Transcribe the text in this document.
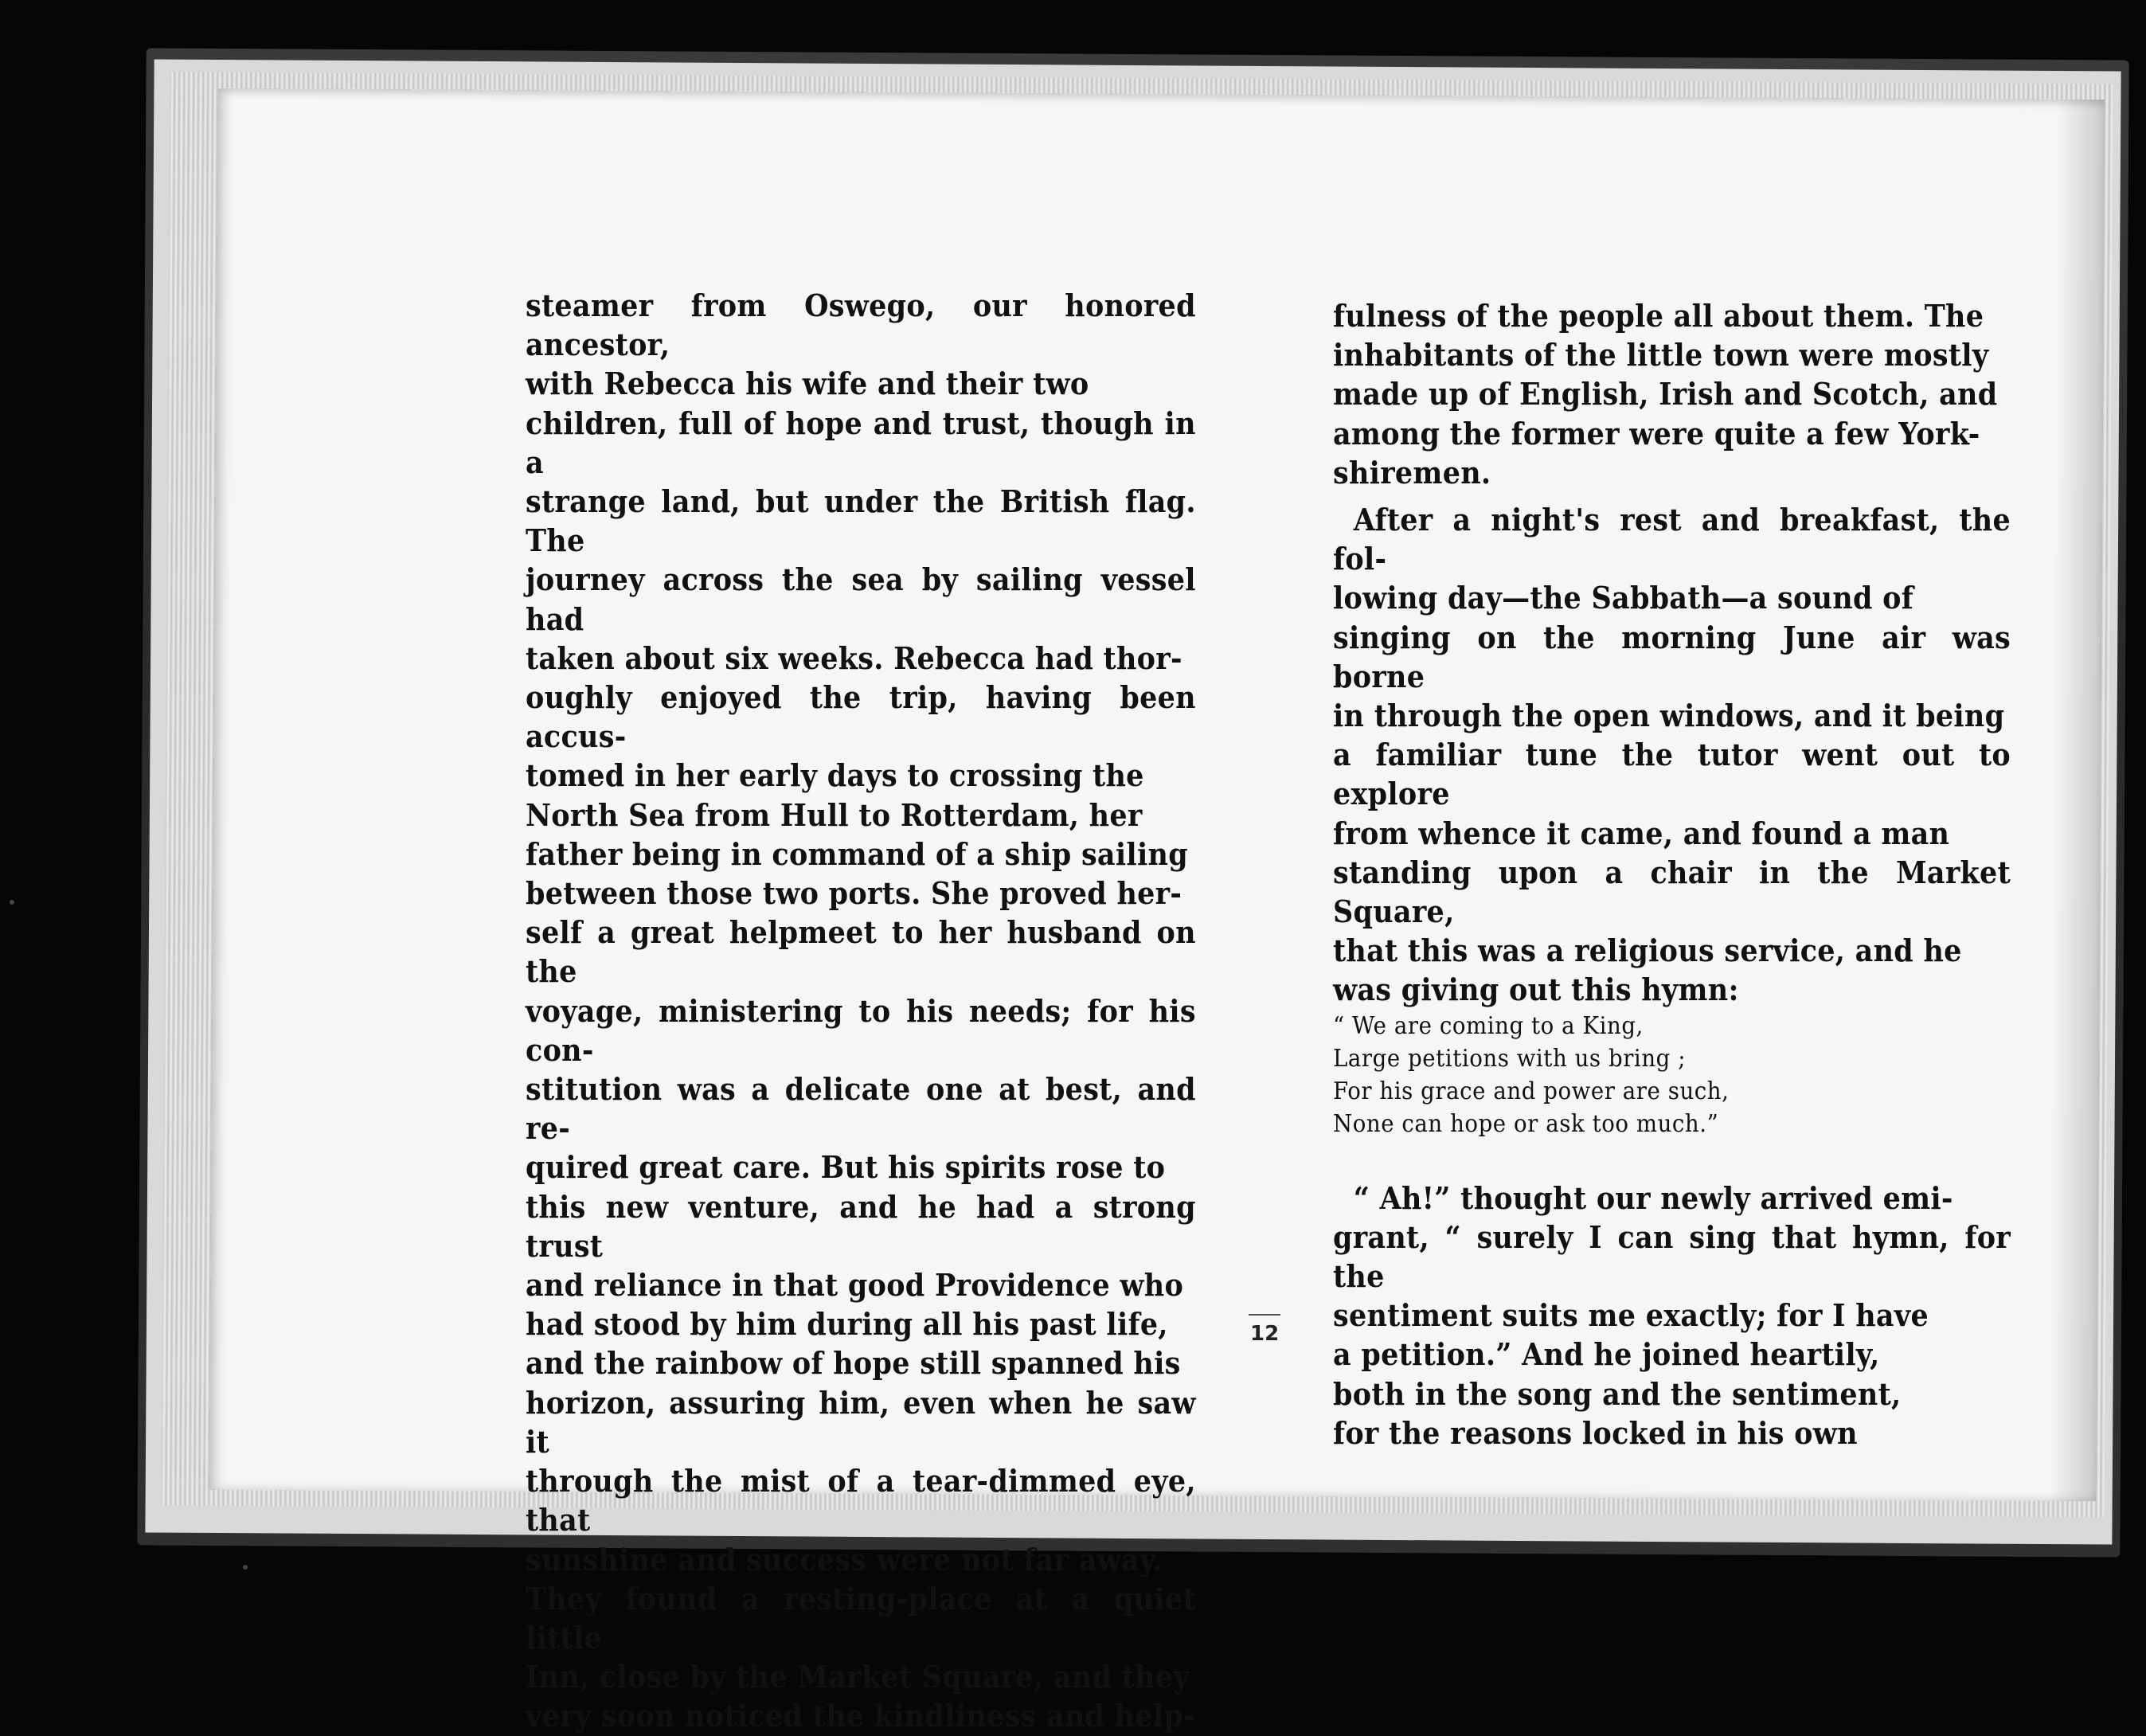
steamer from Oswego, our honored ancestor,
with Rebecca his wife and their two
children, full of hope and trust, though in a
strange land, but under the British flag. The
journey across the sea by sailing vessel had
taken about six weeks. Rebecca had thor-
oughly enjoyed the trip, having been accus-
tomed in her early days to crossing the
North Sea from Hull to Rotterdam, her
father being in command of a ship sailing
between those two ports. She proved her-
self a great helpmeet to her husband on the
voyage, ministering to his needs; for his con-
stitution was a delicate one at best, and re-
quired great care. But his spirits rose to
this new venture, and he had a strong trust
and reliance in that good Providence who
had stood by him during all his past life,
and the rainbow of hope still spanned his
horizon, assuring him, even when he saw it
through the mist of a tear-dimmed eye, that
sunshine and success were not far away.
They found a resting-place at a quiet little
Inn, close by the Market Square, and they
very soon noticed the kindliness and help-

fulness of the people all about them. The
inhabitants of the little town were mostly
made up of English, Irish and Scotch, and
among the former were quite a few York-
shiremen.

After a night's rest and breakfast, the fol-
lowing day—the Sabbath—a sound of
singing on the morning June air was borne
in through the open windows, and it being
a familiar tune the tutor went out to explore
from whence it came, and found a man
standing upon a chair in the Market Square,
that this was a religious service, and he
was giving out this hymn:

“ We are coming to a King,
Large petitions with us bring ;
For his grace and power are such,
None can hope or ask too much.”

“ Ah!” thought our newly arrived emi-
grant, “ surely I can sing that hymn, for the
sentiment suits me exactly; for I have
a petition.” And he joined heartily,
both in the song and the sentiment,
for the reasons locked in his own

12
